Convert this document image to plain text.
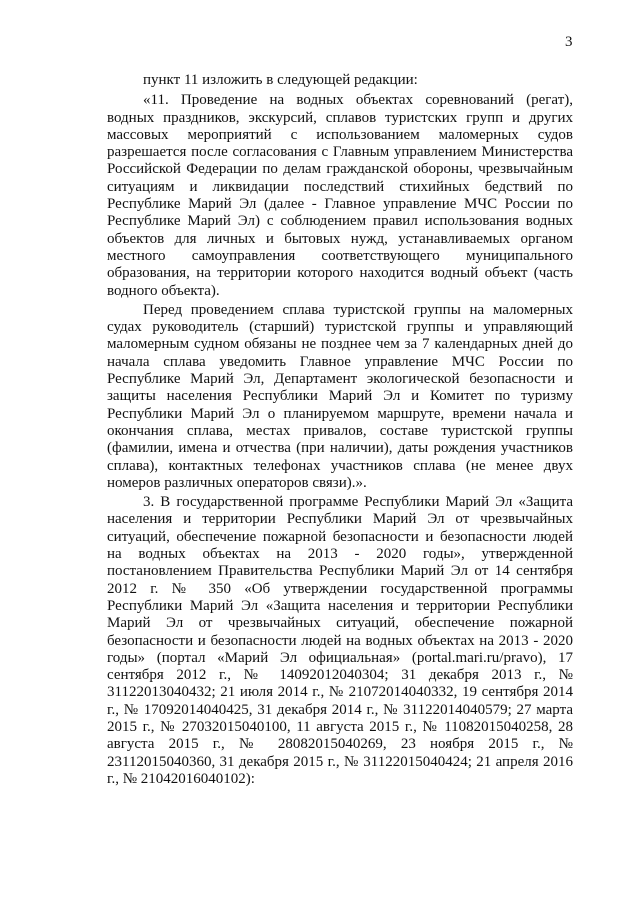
3

пункт 11 изложить в следующей редакции:

«11. Проведение на водных объектах соревнований (регат), водных праздников, экскурсий, сплавов туристских групп и других массовых мероприятий с использованием маломерных судов разрешается после согласования с Главным управлением Министерства Российской Федерации по делам гражданской обороны, чрезвычайным ситуациям и ликвидации последствий стихийных бедствий по Республике Марий Эл (далее - Главное управление МЧС России по Республике Марий Эл) с соблюдением правил использования водных объектов для личных и бытовых нужд, устанавливаемых органом местного самоуправления соответствующего муниципального образования, на территории которого находится водный объект (часть водного объекта).

Перед проведением сплава туристской группы на маломерных судах руководитель (старший) туристской группы и управляющий маломерным судном обязаны не позднее чем за 7 календарных дней до начала сплава уведомить Главное управление МЧС России по Республике Марий Эл, Департамент экологической безопасности и защиты населения Республики Марий Эл и Комитет по туризму Республики Марий Эл о планируемом маршруте, времени начала и окончания сплава, местах привалов, составе туристской группы (фамилии, имена и отчества (при наличии), даты рождения участников сплава), контактных телефонах участников сплава (не менее двух номеров различных операторов связи).».

3. В государственной программе Республики Марий Эл «Защита населения и территории Республики Марий Эл от чрезвычайных ситуаций, обеспечение пожарной безопасности и безопасности людей на водных объектах на 2013 - 2020 годы», утвержденной постановлением Правительства Республики Марий Эл от 14 сентября 2012 г. № 350 «Об утверждении государственной программы Республики Марий Эл «Защита населения и территории Республики Марий Эл от чрезвычайных ситуаций, обеспечение пожарной безопасности и безопасности людей на водных объектах на 2013 - 2020 годы» (портал «Марий Эл официальная» (portal.mari.ru/pravo), 17 сентября 2012 г., № 14092012040304; 31 декабря 2013 г., № 31122013040432; 21 июля 2014 г., № 21072014040332, 19 сентября 2014 г., № 17092014040425, 31 декабря 2014 г., № 31122014040579; 27 марта 2015 г., № 27032015040100, 11 августа 2015 г., № 11082015040258, 28 августа 2015 г., № 28082015040269, 23 ноября 2015 г., № 23112015040360, 31 декабря 2015 г., № 31122015040424; 21 апреля 2016 г., № 21042016040102):
